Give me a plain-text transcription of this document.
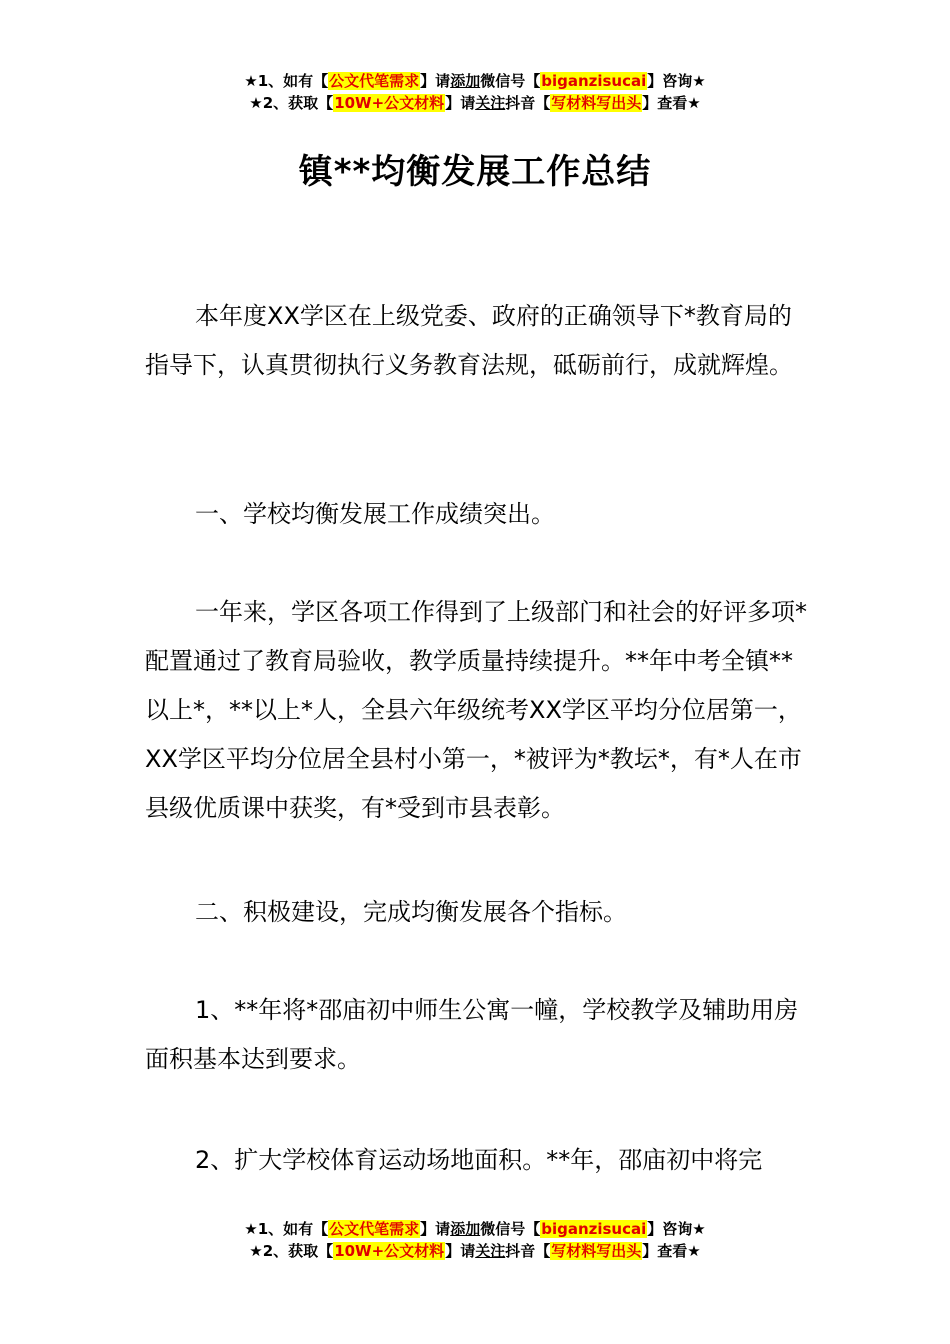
★1、如有【公文代笔需求】请添加微信号【biganzisucai】咨询★
★2、获取【10W+公文材料】请关注抖音【写材料写出头】查看★
镇**均衡发展工作总结

本年度XX学区在上级党委、政府的正确领导下*教育局的指导下，认真贯彻执行义务教育法规，砥砺前行，成就辉煌。

一、学校均衡发展工作成绩突出。

一年来，学区各项工作得到了上级部门和社会的好评多项*配置通过了教育局验收，教学质量持续提升。**年中考全镇**以上*，**以上*人，全县六年级统考XX学区平均分位居第一，XX学区平均分位居全县村小第一，*被评为*教坛*，有*人在市县级优质课中获奖，有*受到市县表彰。

二、积极建设，完成均衡发展各个指标。

1、**年将*邵庙初中师生公寓一幢，学校教学及辅助用房面积基本达到要求。

2、扩大学校体育运动场地面积。**年，邵庙初中将完

★1、如有【公文代笔需求】请添加微信号【biganzisucai】咨询★
★2、获取【10W+公文材料】请关注抖音【写材料写出头】查看★
